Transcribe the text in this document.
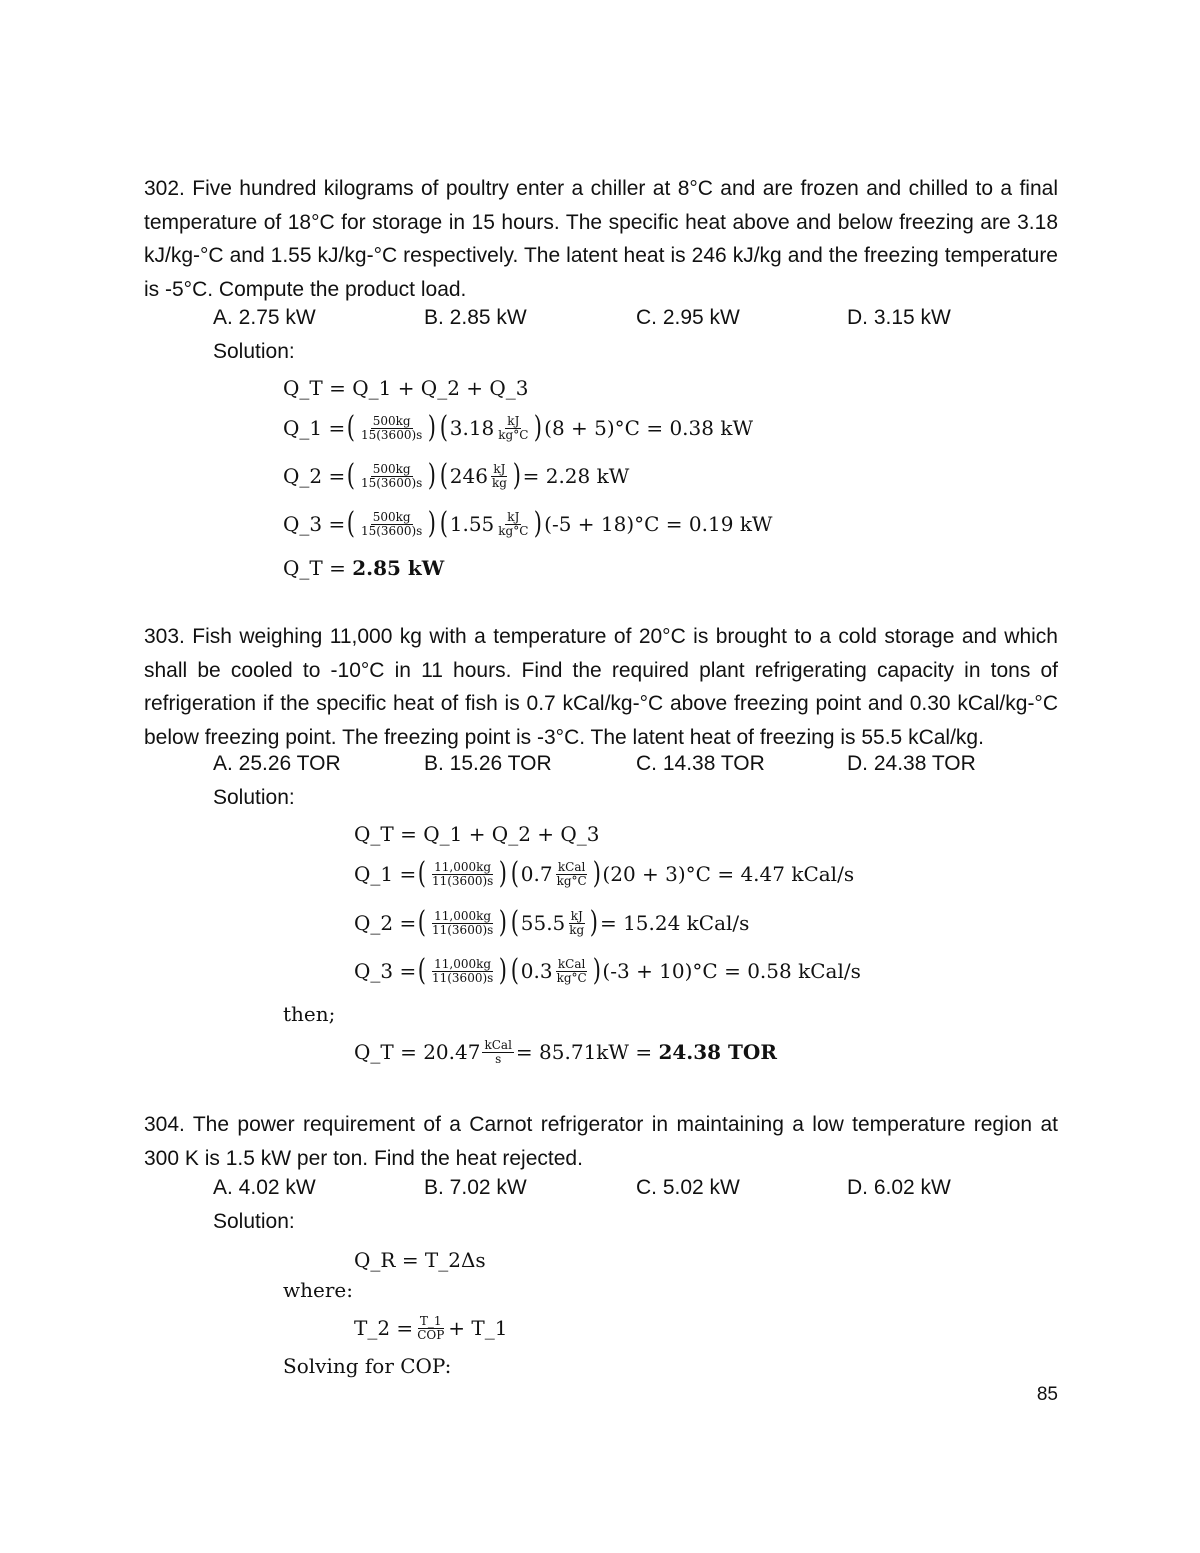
302. Five hundred kilograms of poultry enter a chiller at 8°C and are frozen and chilled to a final temperature of 18°C for storage in 15 hours. The specific heat above and below freezing are 3.18 kJ/kg-°C and 1.55 kJ/kg-°C respectively. The latent heat is 246 kJ/kg and the freezing temperature is -5°C. Compute the product load.
A. 2.75 kW	B. 2.85 kW	C. 2.95 kW	D. 3.15 kW
Solution:
Q_T = Q_1 + Q_2 + Q_3
Q_1 = ( $\frac{500kg}{15(3600)s}$ ) ( $3.18 \frac{kJ}{kg^\circ C}$ ) (8 + 5)°C = 0.38 kW
Q_2 = ( $\frac{500kg}{15(3600)s}$ ) ( $246 \frac{kJ}{kg}$ ) = 2.28 kW
Q_3 = ( $\frac{500kg}{15(3600)s}$ ) ( $1.55 \frac{kJ}{kg^\circ C}$ ) (-5 + 18)°C = 0.19 kW
Q_T =
2.85 kW
303. Fish weighing 11,000 kg with a temperature of 20°C is brought to a cold storage and which shall be cooled to -10°C in 11 hours. Find the required plant refrigerating capacity in tons of refrigeration if the specific heat of fish is 0.7 kCal/kg-°C above freezing point and 0.30 kCal/kg-°C below freezing point. The freezing point is -3°C. The latent heat of freezing is 55.5 kCal/kg.
A. 25.26 TOR	B. 15.26 TOR	C. 14.38 TOR	D. 24.38 TOR
Solution:
Q_T = Q_1 + Q_2 + Q_3
Q_1 = ( $\frac{11,000kg}{11(3600)s}$ ) ( $0.7 \frac{\text{kCal}}{kg^\circ C}$ ) (20 + 3)°C = 4.47 kCal/s
Q_2 = ( $\frac{11,000kg}{11(3600)s}$ ) ( $55.5 \frac{kJ}{kg}$ ) = 15.24 kCal/s
Q_3 = ( $\frac{11,000kg}{11(3600)s}$ ) ( $0.3 \frac{\text{kCal}}{kg^\circ C}$ ) (-3 + 10)°C = 0.58 kCal/s
then;
Q_T = $20.47 \frac{\text{kCal}}{s} = 85.71kW$ =
24.38 TOR
304. The power requirement of a Carnot refrigerator in maintaining a low temperature region at 300 K is 1.5 kW per ton. Find the heat rejected.
A. 4.02 kW	B. 7.02 kW	C. 5.02 kW	D. 6.02 kW
Solution:
Q_R = T_2Δs
where:
T_2 = $\frac{T\_1}{\text{COP}}$ + T_1
Solving for COP:
85
